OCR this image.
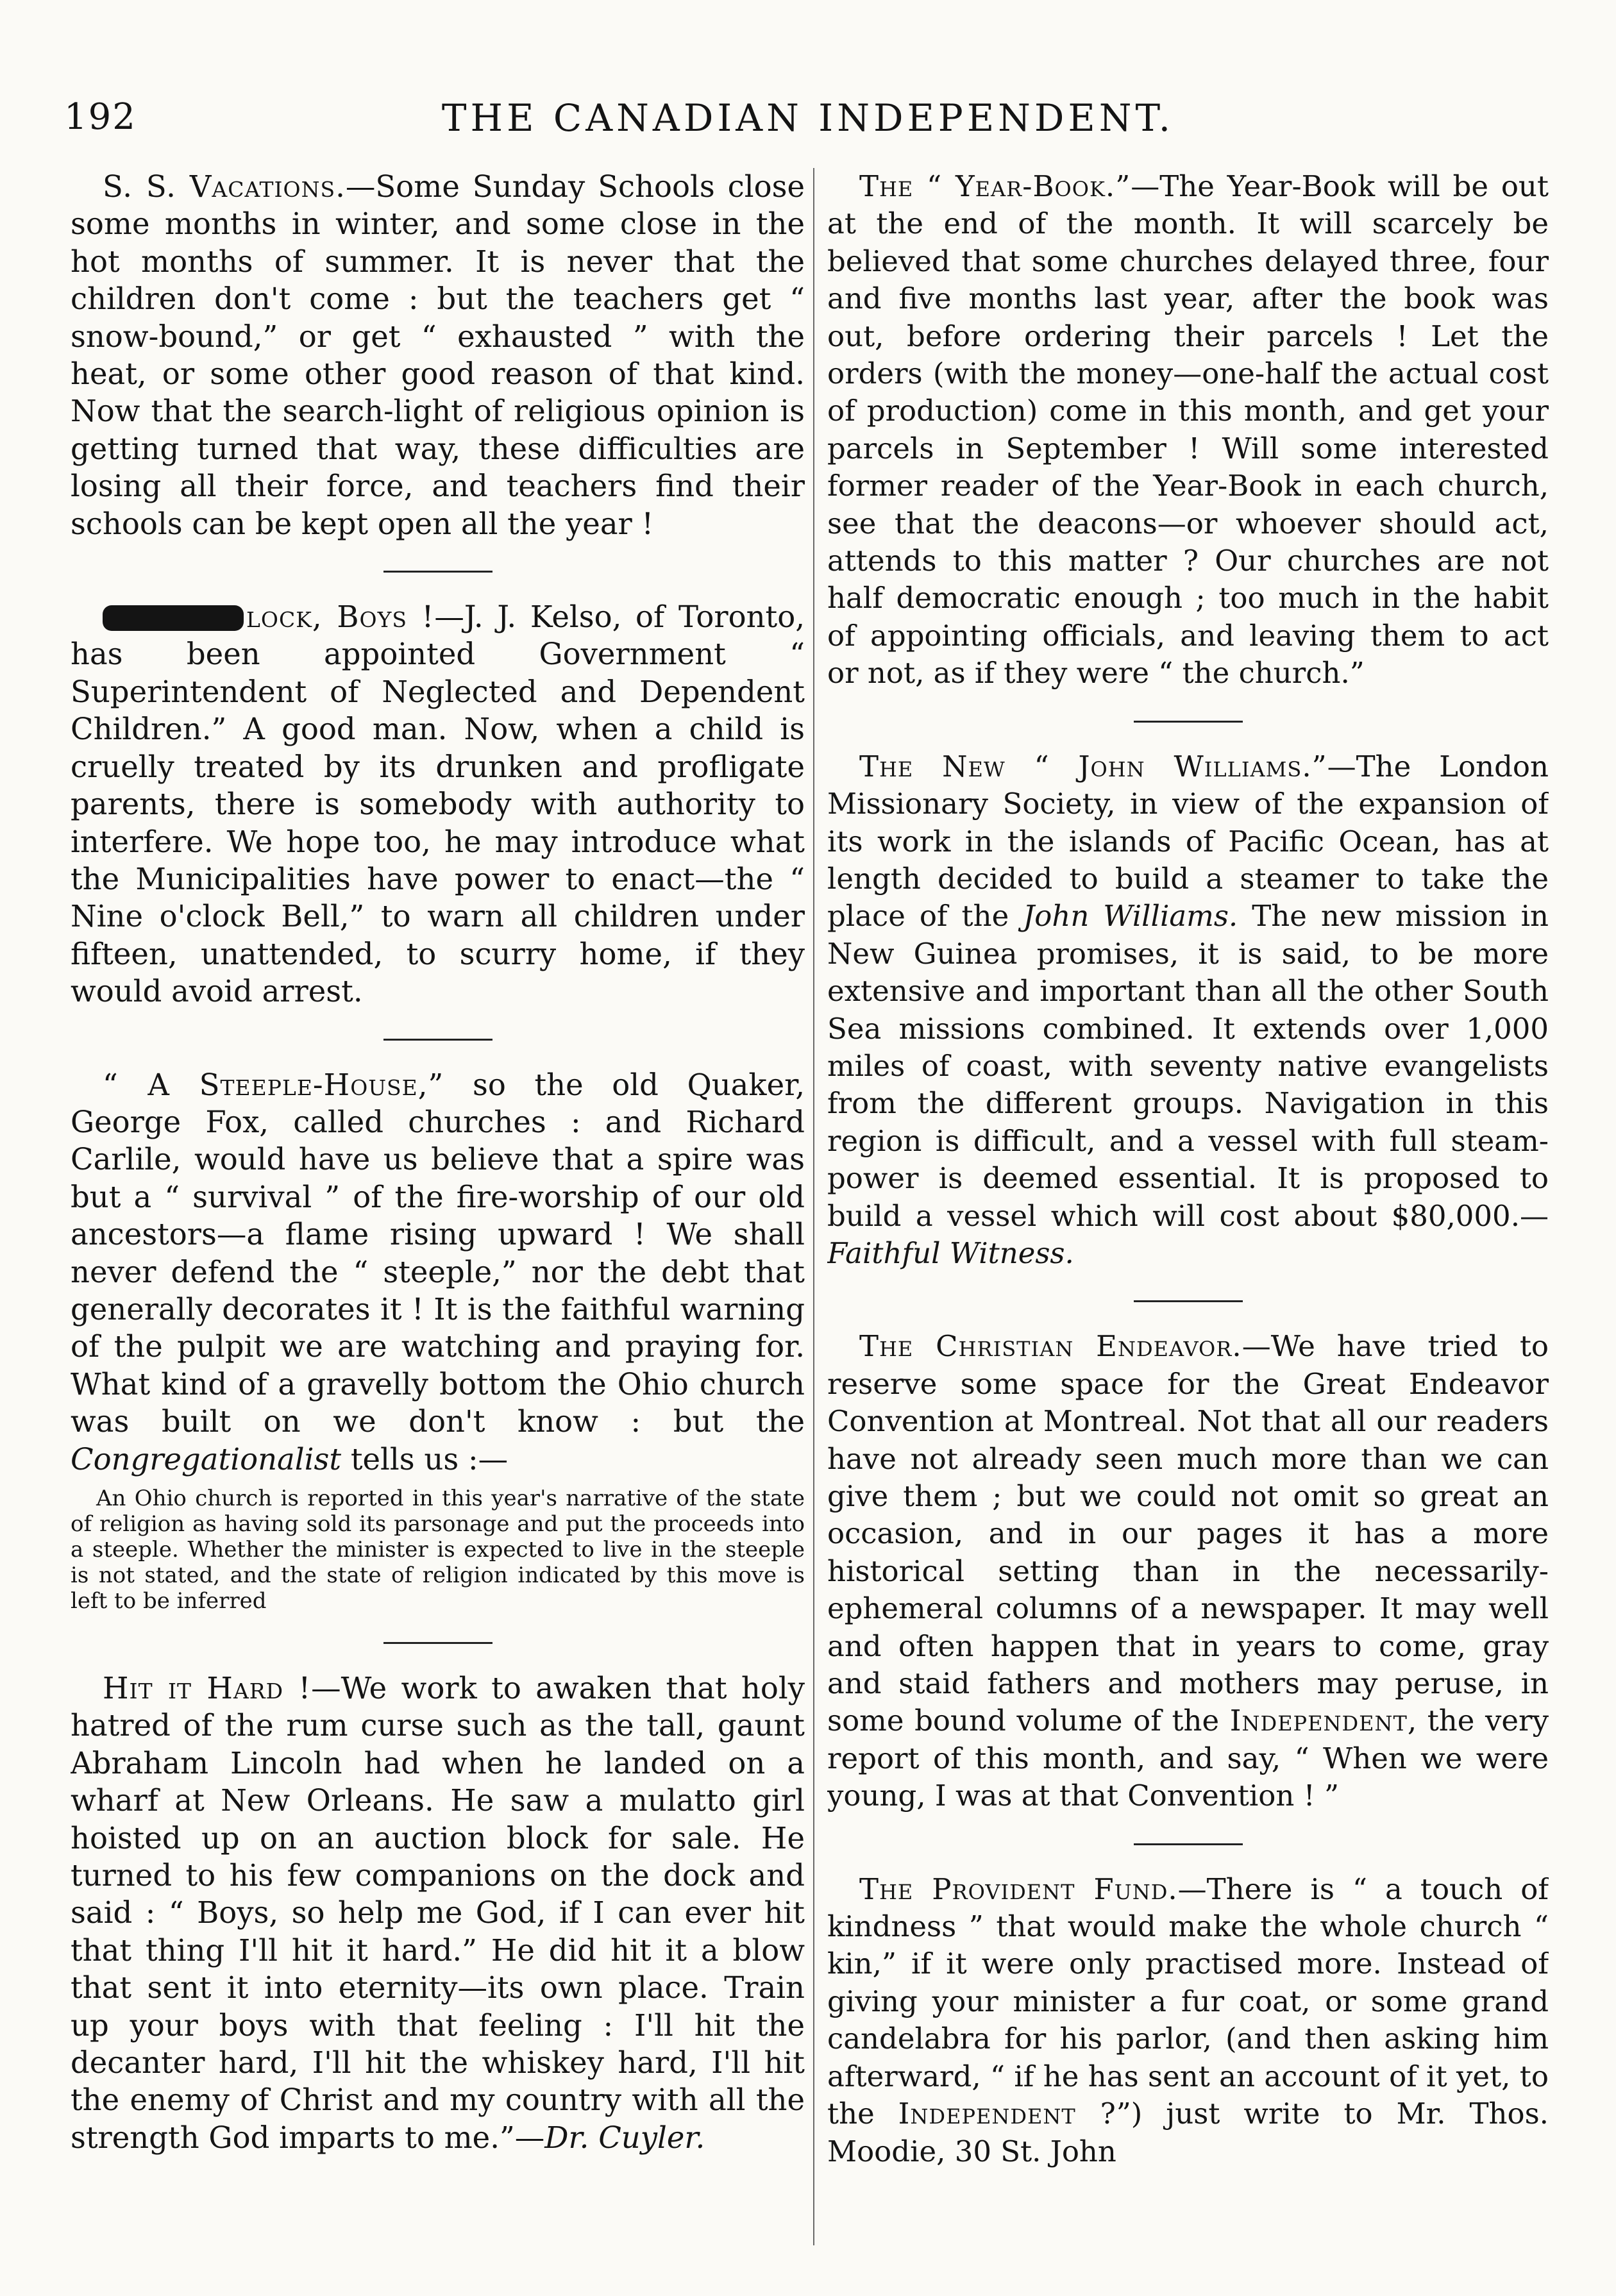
192	THE CANADIAN INDEPENDENT.

S. S. Vacations.—Some Sunday Schools close some months in winter, and some close in the hot months of summer. It is never that the children don't come : but the teachers get “ snow-bound,” or get “ exhausted ” with the heat, or some other good reason of that kind. Now that the search-light of religious opinion is getting turned that way, these difficulties are losing all their force, and teachers find their schools can be kept open all the year !

lock, Boys !—J. J. Kelso, of Toronto, has been appointed Government “ Superintendent of Neglected and Dependent Children.” A good man. Now, when a child is cruelly treated by its drunken and profligate parents, there is somebody with authority to interfere. We hope too, he may introduce what the Municipalities have power to enact—the “ Nine o'clock Bell,” to warn all children under fifteen, unattended, to scurry home, if they would avoid arrest.

“ A Steeple-House,” so the old Quaker, George Fox, called churches : and Richard Carlile, would have us believe that a spire was but a “ survival ” of the fire-worship of our old ancestors—a flame rising upward ! We shall never defend the “ steeple,” nor the debt that generally decorates it ! It is the faithful warning of the pulpit we are watching and praying for. What kind of a gravelly bottom the Ohio church was built on we don't know : but the Congregationalist tells us :—

An Ohio church is reported in this year's narrative of the state of religion as having sold its parsonage and put the proceeds into a steeple. Whether the minister is expected to live in the steeple is not stated, and the state of religion indicated by this move is left to be inferred

Hit it Hard !—We work to awaken that holy hatred of the rum curse such as the tall, gaunt Abraham Lincoln had when he landed on a wharf at New Orleans. He saw a mulatto girl hoisted up on an auction block for sale. He turned to his few companions on the dock and said : “ Boys, so help me God, if I can ever hit that thing I'll hit it hard.” He did hit it a blow that sent it into eternity—its own place. Train up your boys with that feeling : I'll hit the decanter hard, I'll hit the whiskey hard, I'll hit the enemy of Christ and my country with all the strength God imparts to me.”—Dr. Cuyler.

The “ Year-Book.”—The Year-Book will be out at the end of the month. It will scarcely be believed that some churches delayed three, four and five months last year, after the book was out, before ordering their parcels ! Let the orders (with the money—one-half the actual cost of production) come in this month, and get your parcels in September ! Will some interested former reader of the Year-Book in each church, see that the deacons—or whoever should act, attends to this matter ? Our churches are not half democratic enough ; too much in the habit of appointing officials, and leaving them to act or not, as if they were “ the church.”

The New “ John Williams.”—The London Missionary Society, in view of the expansion of its work in the islands of Pacific Ocean, has at length decided to build a steamer to take the place of the John Williams. The new mission in New Guinea promises, it is said, to be more extensive and important than all the other South Sea missions combined. It extends over 1,000 miles of coast, with seventy native evangelists from the different groups. Navigation in this region is difficult, and a vessel with full steam-power is deemed essential. It is proposed to build a vessel which will cost about $80,000.—Faithful Witness.

The Christian Endeavor.—We have tried to reserve some space for the Great Endeavor Convention at Montreal. Not that all our readers have not already seen much more than we can give them ; but we could not omit so great an occasion, and in our pages it has a more historical setting than in the necessarily-ephemeral columns of a newspaper. It may well and often happen that in years to come, gray and staid fathers and mothers may peruse, in some bound volume of the Independent, the very report of this month, and say, “ When we were young, I was at that Convention ! ”

The Provident Fund.—There is “ a touch of kindness ” that would make the whole church “ kin,” if it were only practised more. Instead of giving your minister a fur coat, or some grand candelabra for his parlor, (and then asking him afterward, “ if he has sent an account of it yet, to the Independent ?”) just write to Mr. Thos. Moodie, 30 St. John
